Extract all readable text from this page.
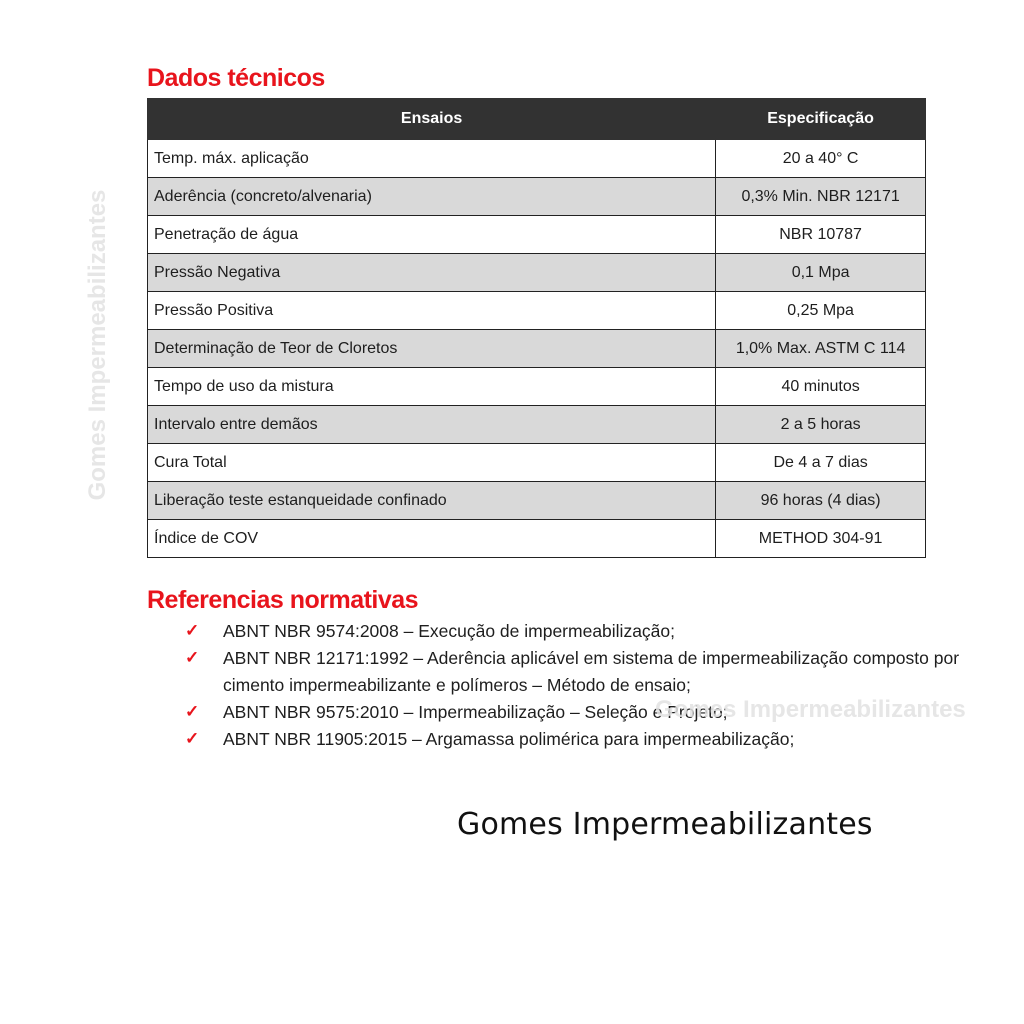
Dados técnicos
Ensaios	Especificação
Temp. máx. aplicação	20 a 40° C
Aderência (concreto/alvenaria)	0,3% Min. NBR 12171
Penetração de água	NBR 10787
Pressão Negativa	0,1 Mpa
Pressão Positiva	0,25 Mpa
Determinação de Teor de Cloretos	1,0% Max. ASTM C 114
Tempo de uso da mistura	40 minutos
Intervalo entre demãos	2 a 5 horas
Cura Total	De 4 a 7 dias
Liberação teste estanqueidade confinado	96 horas (4 dias)
Índice de COV	METHOD 304-91
Referencias normativas
✓ ABNT NBR 9574:2008 – Execução de impermeabilização;
✓ ABNT NBR 12171:1992 – Aderência aplicável em sistema de impermeabilização composto por cimento impermeabilizante e polímeros – Método de ensaio;
✓ ABNT NBR 9575:2010 – Impermeabilização – Seleção e Projeto;
✓ ABNT NBR 11905:2015 – Argamassa polimérica para impermeabilização;
Gomes Impermeabilizantes
Gomes Impermeabilizantes
Gomes Impermeabilizantes
